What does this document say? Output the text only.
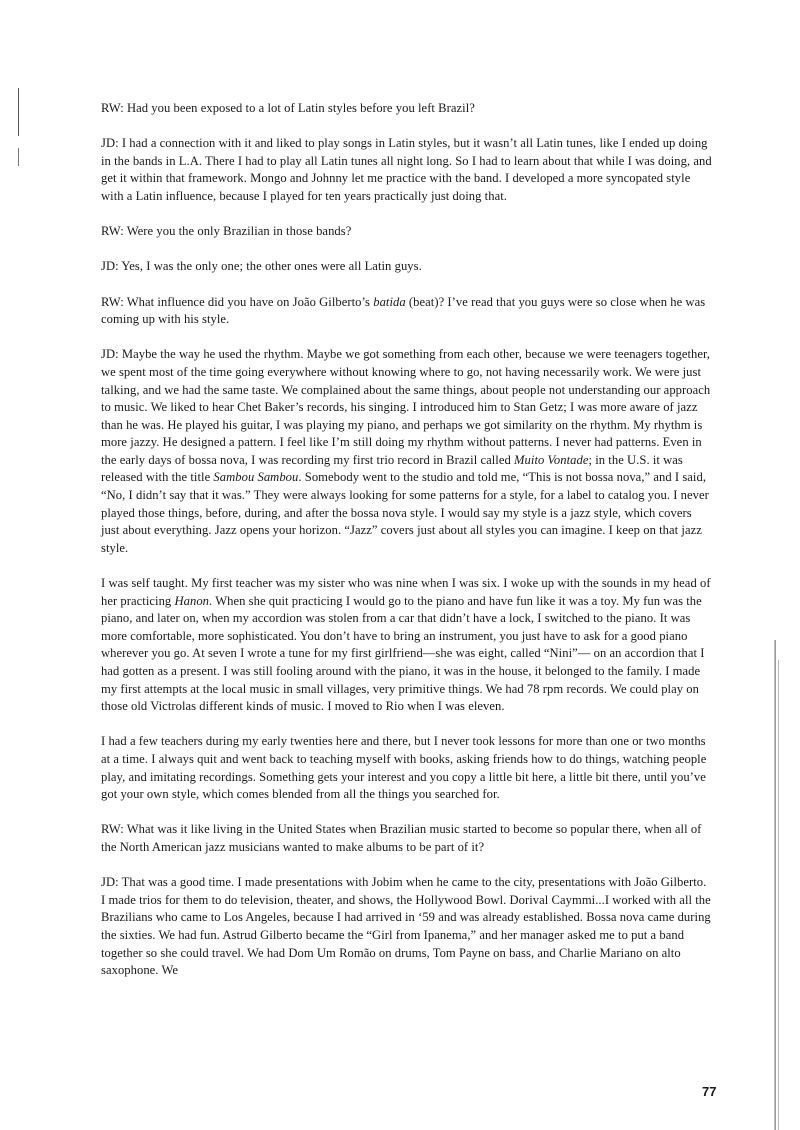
RW: Had you been exposed to a lot of Latin styles before you left Brazil?

JD: I had a connection with it and liked to play songs in Latin styles, but it wasn’t all Latin tunes, like I ended up doing in the bands in L.A. There I had to play all Latin tunes all night long. So I had to learn about that while I was doing, and get it within that framework. Mongo and Johnny let me practice with the band. I developed a more syncopated style with a Latin influence, because I played for ten years practically just doing that.

RW: Were you the only Brazilian in those bands?

JD: Yes, I was the only one; the other ones were all Latin guys.

RW: What influence did you have on João Gilberto’s batida (beat)? I’ve read that you guys were so close when he was coming up with his style.

JD: Maybe the way he used the rhythm. Maybe we got something from each other, because we were teenagers together, we spent most of the time going everywhere without knowing where to go, not having necessarily work. We were just talking, and we had the same taste. We complained about the same things, about people not understanding our approach to music. We liked to hear Chet Baker’s records, his singing. I introduced him to Stan Getz; I was more aware of jazz than he was. He played his guitar, I was playing my piano, and perhaps we got similarity on the rhythm. My rhythm is more jazzy. He designed a pattern. I feel like I’m still doing my rhythm without patterns. I never had patterns. Even in the early days of bossa nova, I was recording my first trio record in Brazil called Muito Vontade; in the U.S. it was released with the title Sambou Sambou. Somebody went to the studio and told me, “This is not bossa nova,” and I said, “No, I didn’t say that it was.” They were always looking for some patterns for a style, for a label to catalog you. I never played those things, before, during, and after the bossa nova style. I would say my style is a jazz style, which covers just about everything. Jazz opens your horizon. “Jazz” covers just about all styles you can imagine. I keep on that jazz style.

I was self taught. My first teacher was my sister who was nine when I was six. I woke up with the sounds in my head of her practicing Hanon. When she quit practicing I would go to the piano and have fun like it was a toy. My fun was the piano, and later on, when my accordion was stolen from a car that didn’t have a lock, I switched to the piano. It was more comfortable, more sophisticated. You don’t have to bring an instrument, you just have to ask for a good piano wherever you go. At seven I wrote a tune for my first girlfriend—she was eight, called “Nini”— on an accordion that I had gotten as a present. I was still fooling around with the piano, it was in the house, it belonged to the family. I made my first attempts at the local music in small villages, very primitive things. We had 78 rpm records. We could play on those old Victrolas different kinds of music. I moved to Rio when I was eleven.

I had a few teachers during my early twenties here and there, but I never took lessons for more than one or two months at a time. I always quit and went back to teaching myself with books, asking friends how to do things, watching people play, and imitating recordings. Something gets your interest and you copy a little bit here, a little bit there, until you’ve got your own style, which comes blended from all the things you searched for.

RW: What was it like living in the United States when Brazilian music started to become so popular there, when all of the North American jazz musicians wanted to make albums to be part of it?

JD: That was a good time. I made presentations with Jobim when he came to the city, presentations with João Gilberto. I made trios for them to do television, theater, and shows, the Hollywood Bowl. Dorival Caymmi...I worked with all the Brazilians who came to Los Angeles, because I had arrived in ‘59 and was already established. Bossa nova came during the sixties. We had fun. Astrud Gilberto became the “Girl from Ipanema,” and her manager asked me to put a band together so she could travel. We had Dom Um Romão on drums, Tom Payne on bass, and Charlie Mariano on alto saxophone. We

77
